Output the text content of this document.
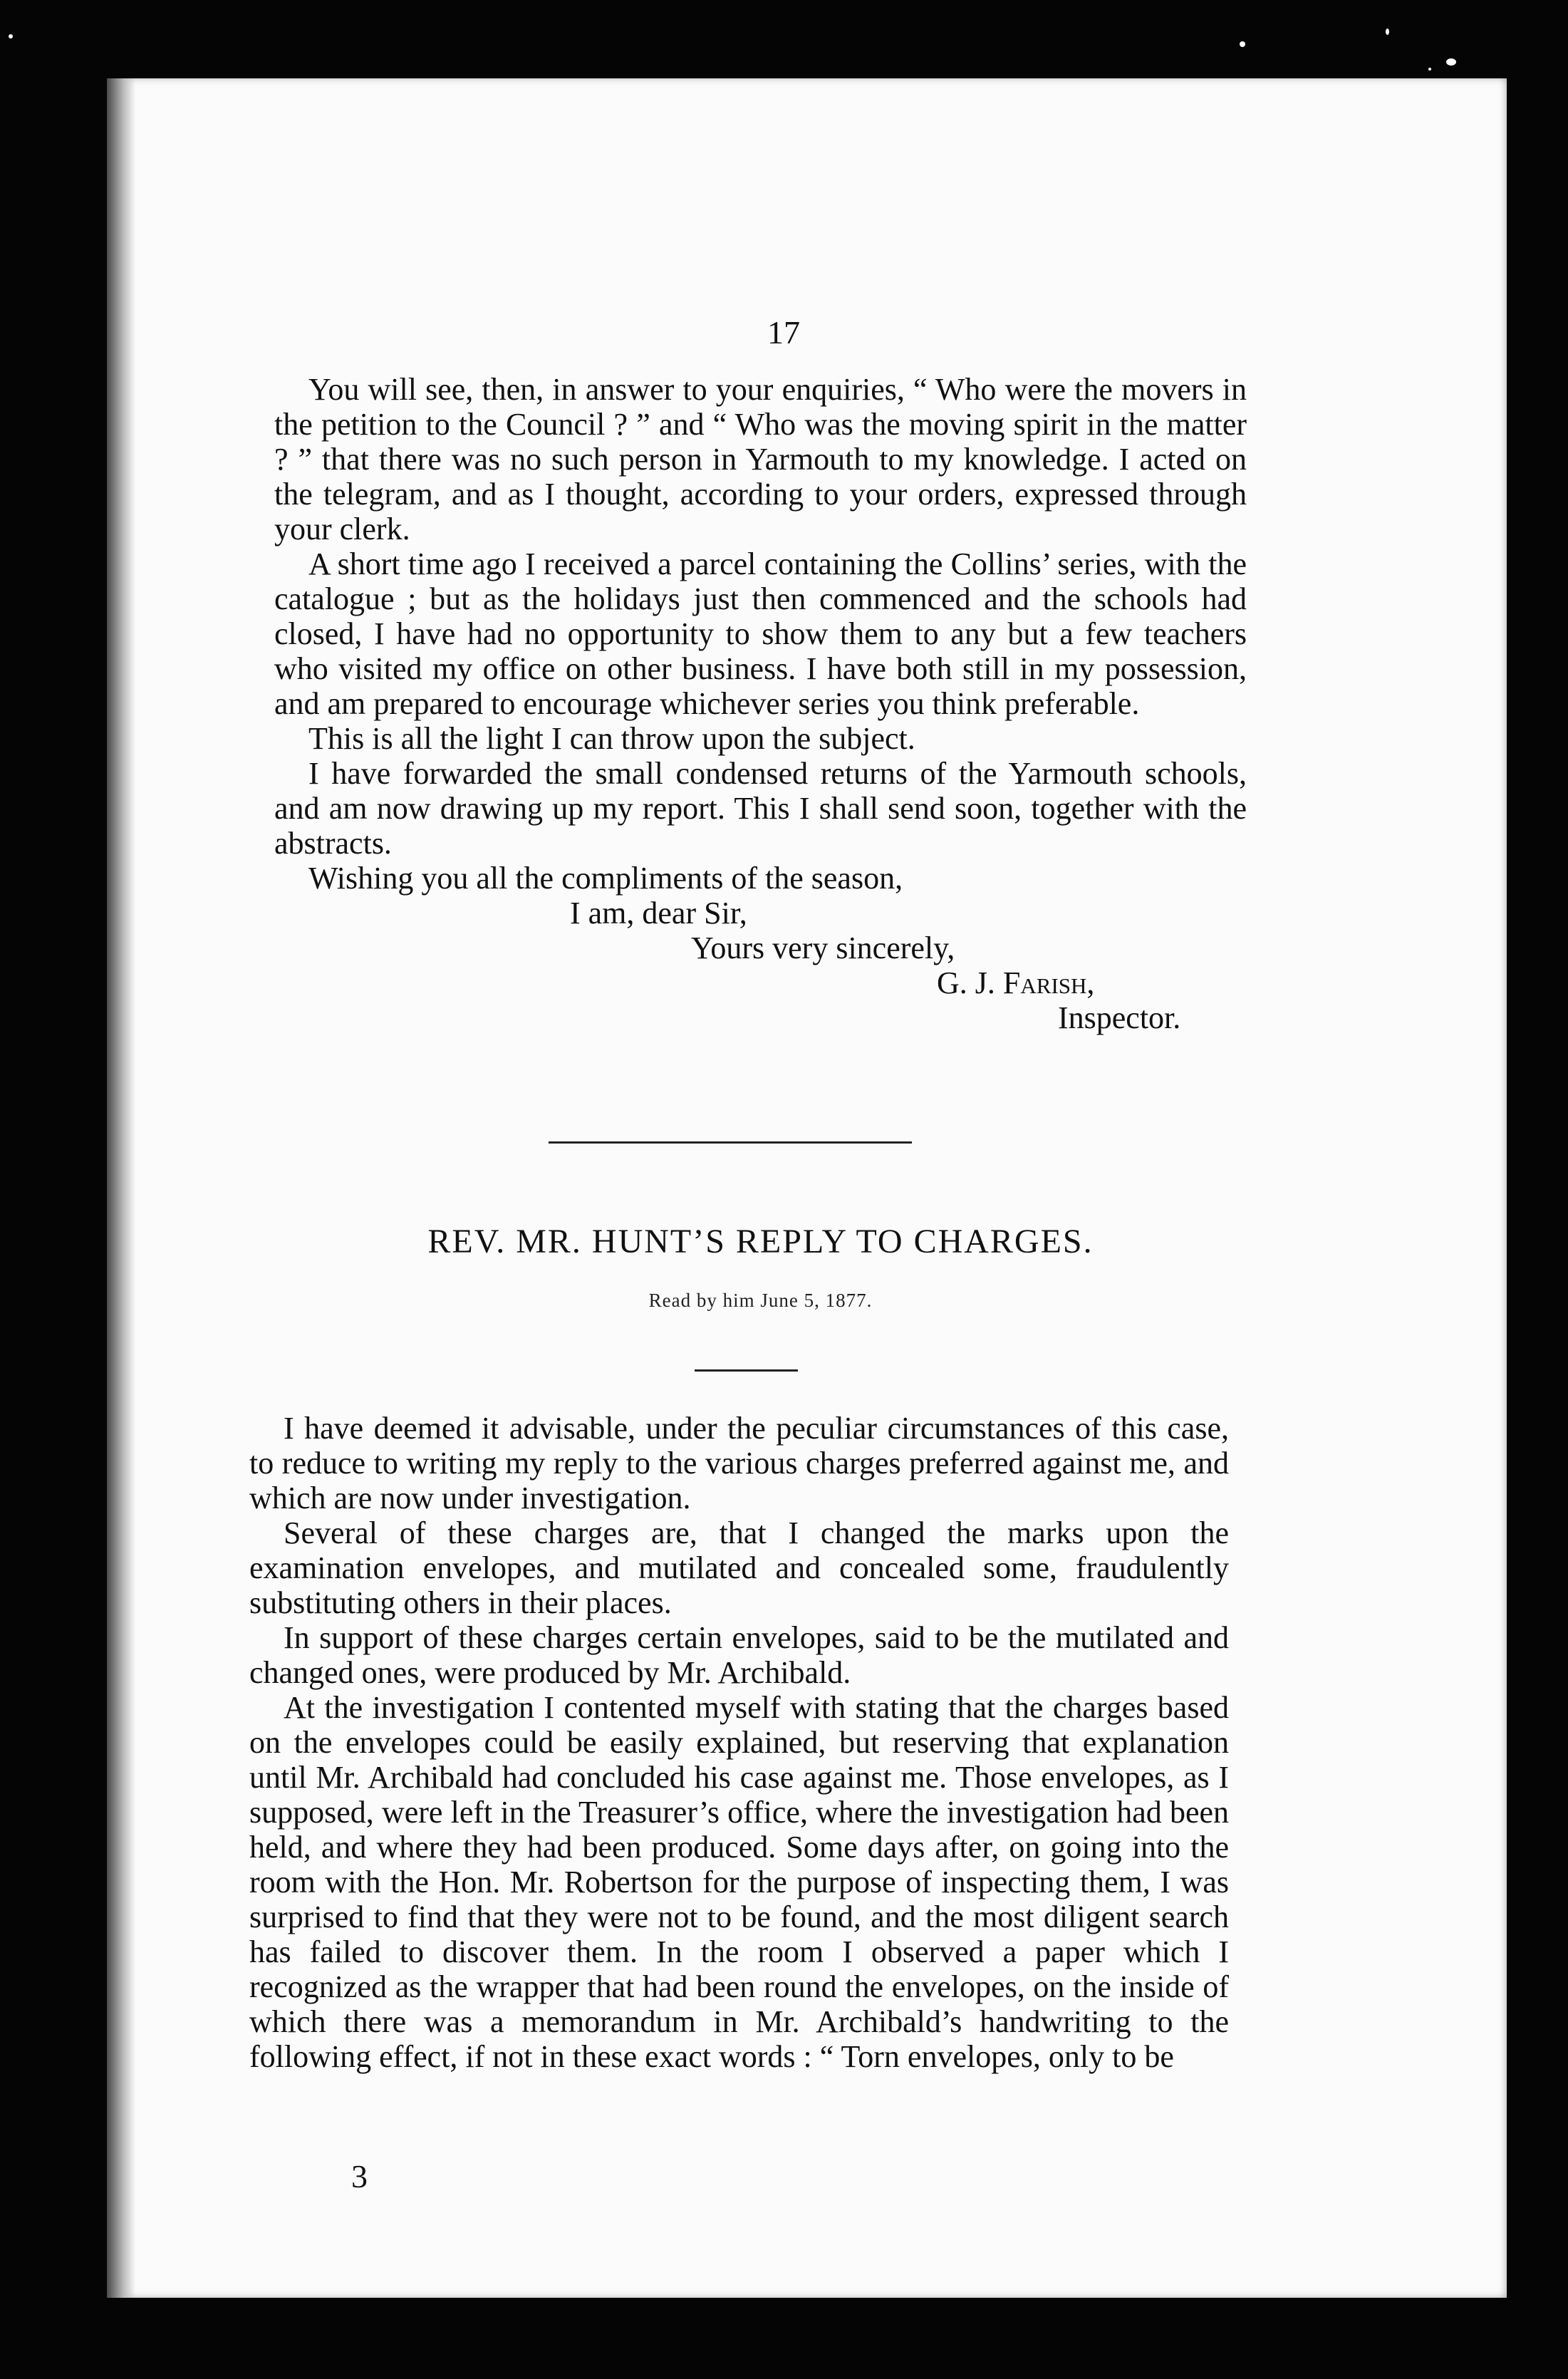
17

You will see, then, in answer to your enquiries, “ Who were the movers in the petition to the Council ? ” and “ Who was the moving spirit in the matter ? ” that there was no such person in Yarmouth to my knowledge. I acted on the telegram, and as I thought, according to your orders, expressed through your clerk.

A short time ago I received a parcel containing the Collins’ series, with the catalogue ; but as the holidays just then commenced and the schools had closed, I have had no opportunity to show them to any but a few teachers who visited my office on other business. I have both still in my possession, and am prepared to encourage whichever series you think preferable.

This is all the light I can throw upon the subject.

I have forwarded the small condensed returns of the Yarmouth schools, and am now drawing up my report. This I shall send soon, together with the abstracts.

Wishing you all the compliments of the season,

I am, dear Sir,

Yours very sincerely,

G. J. Farish,

Inspector.

REV. MR. HUNT’S REPLY TO CHARGES.
Read by him June 5, 1877.

I have deemed it advisable, under the peculiar circumstances of this case, to reduce to writing my reply to the various charges preferred against me, and which are now under investigation.

Several of these charges are, that I changed the marks upon the examination envelopes, and mutilated and concealed some, fraudulently substituting others in their places.

In support of these charges certain envelopes, said to be the mutilated and changed ones, were produced by Mr. Archibald.

At the investigation I contented myself with stating that the charges based on the envelopes could be easily explained, but reserving that explanation until Mr. Archibald had concluded his case against me. Those envelopes, as I supposed, were left in the Treasurer’s office, where the investigation had been held, and where they had been produced. Some days after, on going into the room with the Hon. Mr. Robertson for the purpose of inspecting them, I was surprised to find that they were not to be found, and the most diligent search has failed to discover them. In the room I observed a paper which I recognized as the wrapper that had been round the envelopes, on the inside of which there was a memorandum in Mr. Archibald’s handwriting to the following effect, if not in these exact words : “ Torn envelopes, only to be

3
